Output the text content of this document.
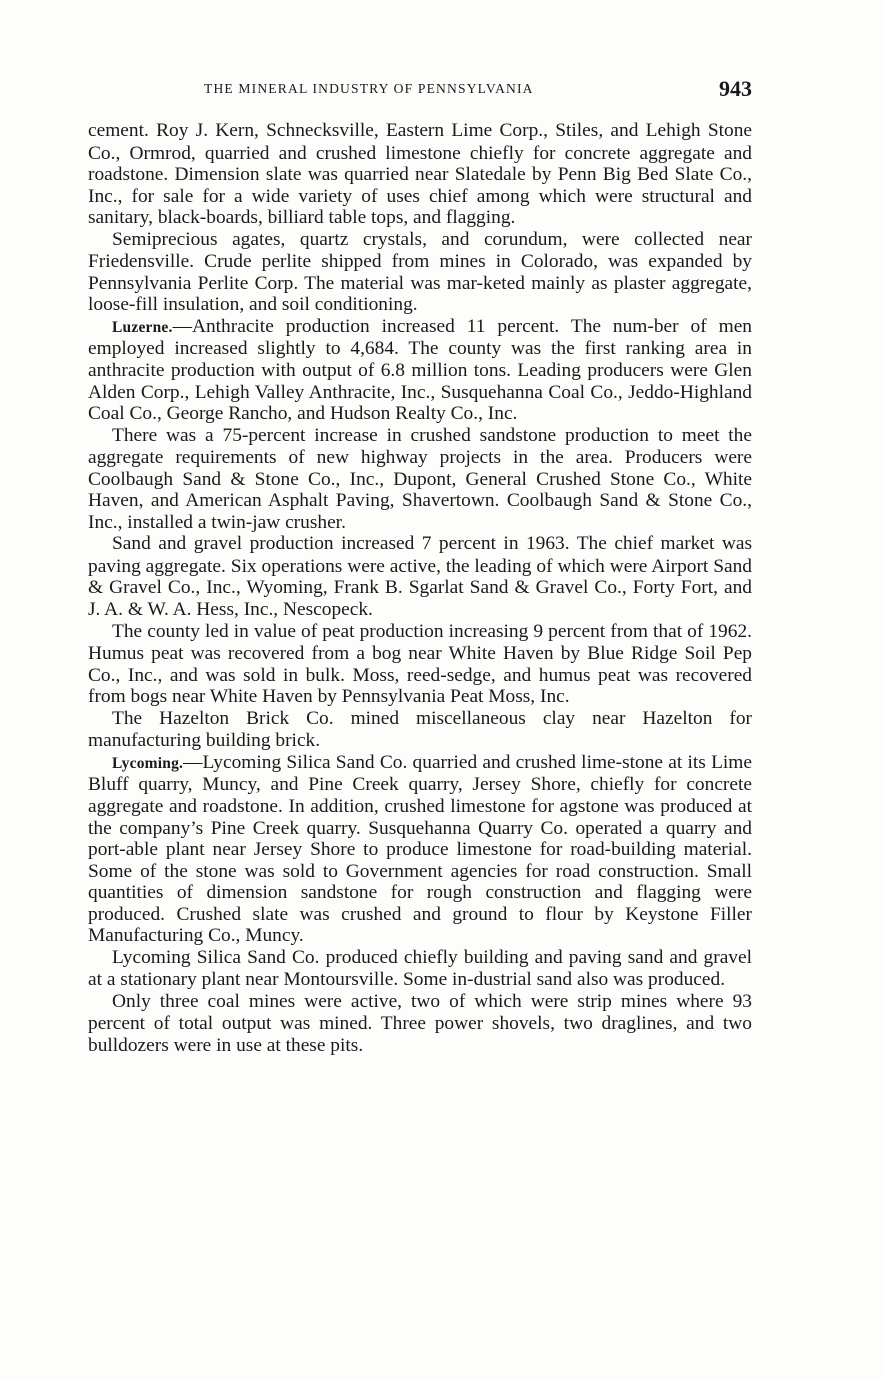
THE MINERAL INDUSTRY OF PENNSYLVANIA	943

cement. Roy J. Kern, Schnecksville, Eastern Lime Corp., Stiles, and Lehigh Stone Co., Ormrod, quarried and crushed limestone chiefly for concrete aggregate and roadstone. Dimension slate was quarried near Slatedale by Penn Big Bed Slate Co., Inc., for sale for a wide variety of uses chief among which were structural and sanitary, black-boards, billiard table tops, and flagging.

Semiprecious agates, quartz crystals, and corundum, were collected near Friedensville. Crude perlite shipped from mines in Colorado, was expanded by Pennsylvania Perlite Corp. The material was mar-keted mainly as plaster aggregate, loose-fill insulation, and soil conditioning.

Luzerne.—Anthracite production increased 11 percent. The num-ber of men employed increased slightly to 4,684. The county was the first ranking area in anthracite production with output of 6.8 million tons. Leading producers were Glen Alden Corp., Lehigh Valley Anthracite, Inc., Susquehanna Coal Co., Jeddo-Highland Coal Co., George Rancho, and Hudson Realty Co., Inc.

There was a 75-percent increase in crushed sandstone production to meet the aggregate requirements of new highway projects in the area. Producers were Coolbaugh Sand & Stone Co., Inc., Dupont, General Crushed Stone Co., White Haven, and American Asphalt Paving, Shavertown. Coolbaugh Sand & Stone Co., Inc., installed a twin-jaw crusher.

Sand and gravel production increased 7 percent in 1963. The chief market was paving aggregate. Six operations were active, the leading of which were Airport Sand & Gravel Co., Inc., Wyoming, Frank B. Sgarlat Sand & Gravel Co., Forty Fort, and J. A. & W. A. Hess, Inc., Nescopeck.

The county led in value of peat production increasing 9 percent from that of 1962. Humus peat was recovered from a bog near White Haven by Blue Ridge Soil Pep Co., Inc., and was sold in bulk. Moss, reed-sedge, and humus peat was recovered from bogs near White Haven by Pennsylvania Peat Moss, Inc.

The Hazelton Brick Co. mined miscellaneous clay near Hazelton for manufacturing building brick.

Lycoming.—Lycoming Silica Sand Co. quarried and crushed lime-stone at its Lime Bluff quarry, Muncy, and Pine Creek quarry, Jersey Shore, chiefly for concrete aggregate and roadstone. In addition, crushed limestone for agstone was produced at the company’s Pine Creek quarry. Susquehanna Quarry Co. operated a quarry and port-able plant near Jersey Shore to produce limestone for road-building material. Some of the stone was sold to Government agencies for road construction. Small quantities of dimension sandstone for rough construction and flagging were produced. Crushed slate was crushed and ground to flour by Keystone Filler Manufacturing Co., Muncy.

Lycoming Silica Sand Co. produced chiefly building and paving sand and gravel at a stationary plant near Montoursville. Some in-dustrial sand also was produced.

Only three coal mines were active, two of which were strip mines where 93 percent of total output was mined. Three power shovels, two draglines, and two bulldozers were in use at these pits.
